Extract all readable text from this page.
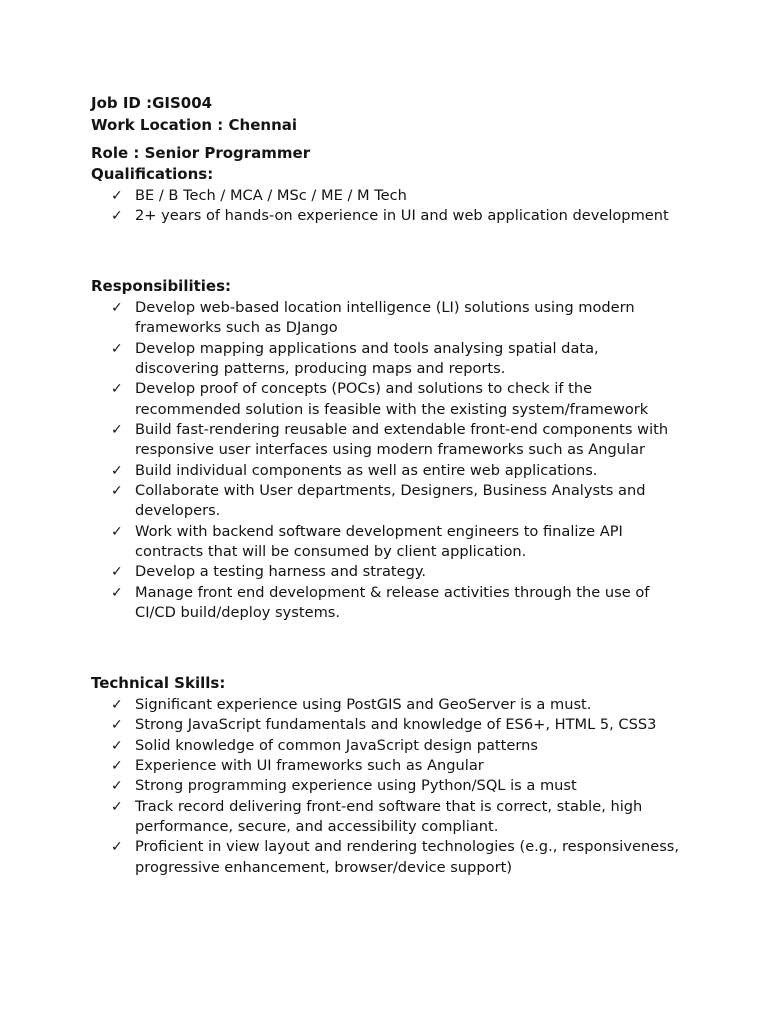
Job ID :GIS004
Work Location : Chennai
Role : Senior Programmer
Qualifications:
✓ BE / B Tech / MCA / MSc / ME / M Tech
✓ 2+ years of hands-on experience in UI and web application development
Responsibilities:
✓ Develop web-based location intelligence (LI) solutions using modern frameworks such as DJango
✓ Develop mapping applications and tools analysing spatial data, discovering patterns, producing maps and reports.
✓ Develop proof of concepts (POCs) and solutions to check if the recommended solution is feasible with the existing system/framework
✓ Build fast-rendering reusable and extendable front-end components with responsive user interfaces using modern frameworks such as Angular
✓ Build individual components as well as entire web applications.
✓ Collaborate with User departments, Designers, Business Analysts and developers.
✓ Work with backend software development engineers to finalize API contracts that will be consumed by client application.
✓ Develop a testing harness and strategy.
✓ Manage front end development & release activities through the use of CI/CD build/deploy systems.
Technical Skills:
✓ Significant experience using PostGIS and GeoServer is a must.
✓ Strong JavaScript fundamentals and knowledge of ES6+, HTML 5, CSS3
✓ Solid knowledge of common JavaScript design patterns
✓ Experience with UI frameworks such as Angular
✓ Strong programming experience using Python/SQL is a must
✓ Track record delivering front-end software that is correct, stable, high performance, secure, and accessibility compliant.
✓ Proficient in view layout and rendering technologies (e.g., responsiveness, progressive enhancement, browser/device support)
